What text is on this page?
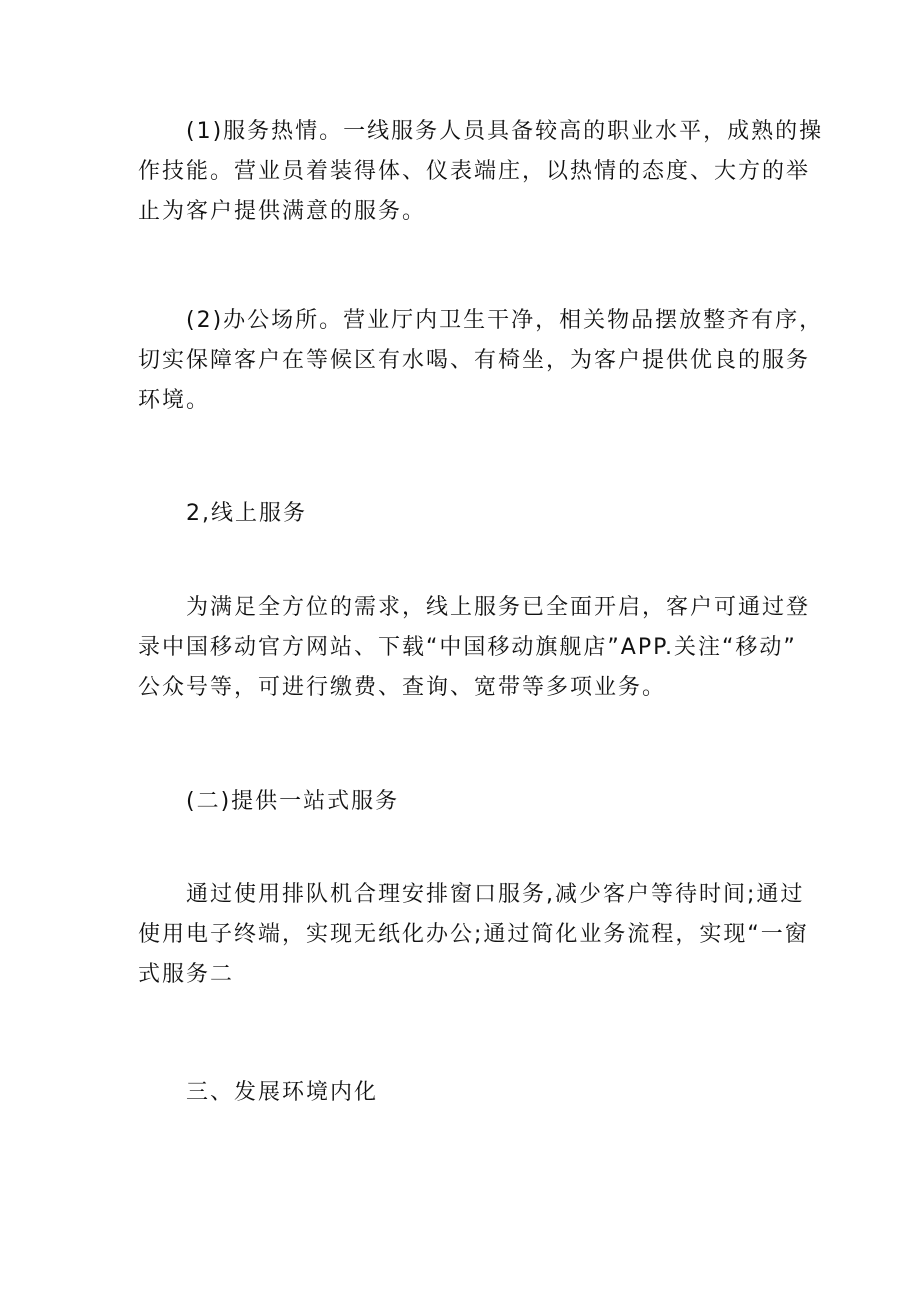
(1)服务热情。一线服务人员具备较高的职业水平，成熟的操
作技能。营业员着装得体、仪表端庄，以热情的态度、大方的举
止为客户提供满意的服务。

(2)办公场所。营业厅内卫生干净，相关物品摆放整齐有序，
切实保障客户在等候区有水喝、有椅坐，为客户提供优良的服务
环境。

2,线上服务

为满足全方位的需求，线上服务已全面开启，客户可通过登
录中国移动官方网站、下载“中国移动旗舰店”APP.关注“移动”
公众号等，可进行缴费、查询、宽带等多项业务。

(二)提供一站式服务

通过使用排队机合理安排窗口服务,减少客户等待时间;通过
使用电子终端，实现无纸化办公;通过简化业务流程，实现“一窗
式服务二

三、发展环境内化
